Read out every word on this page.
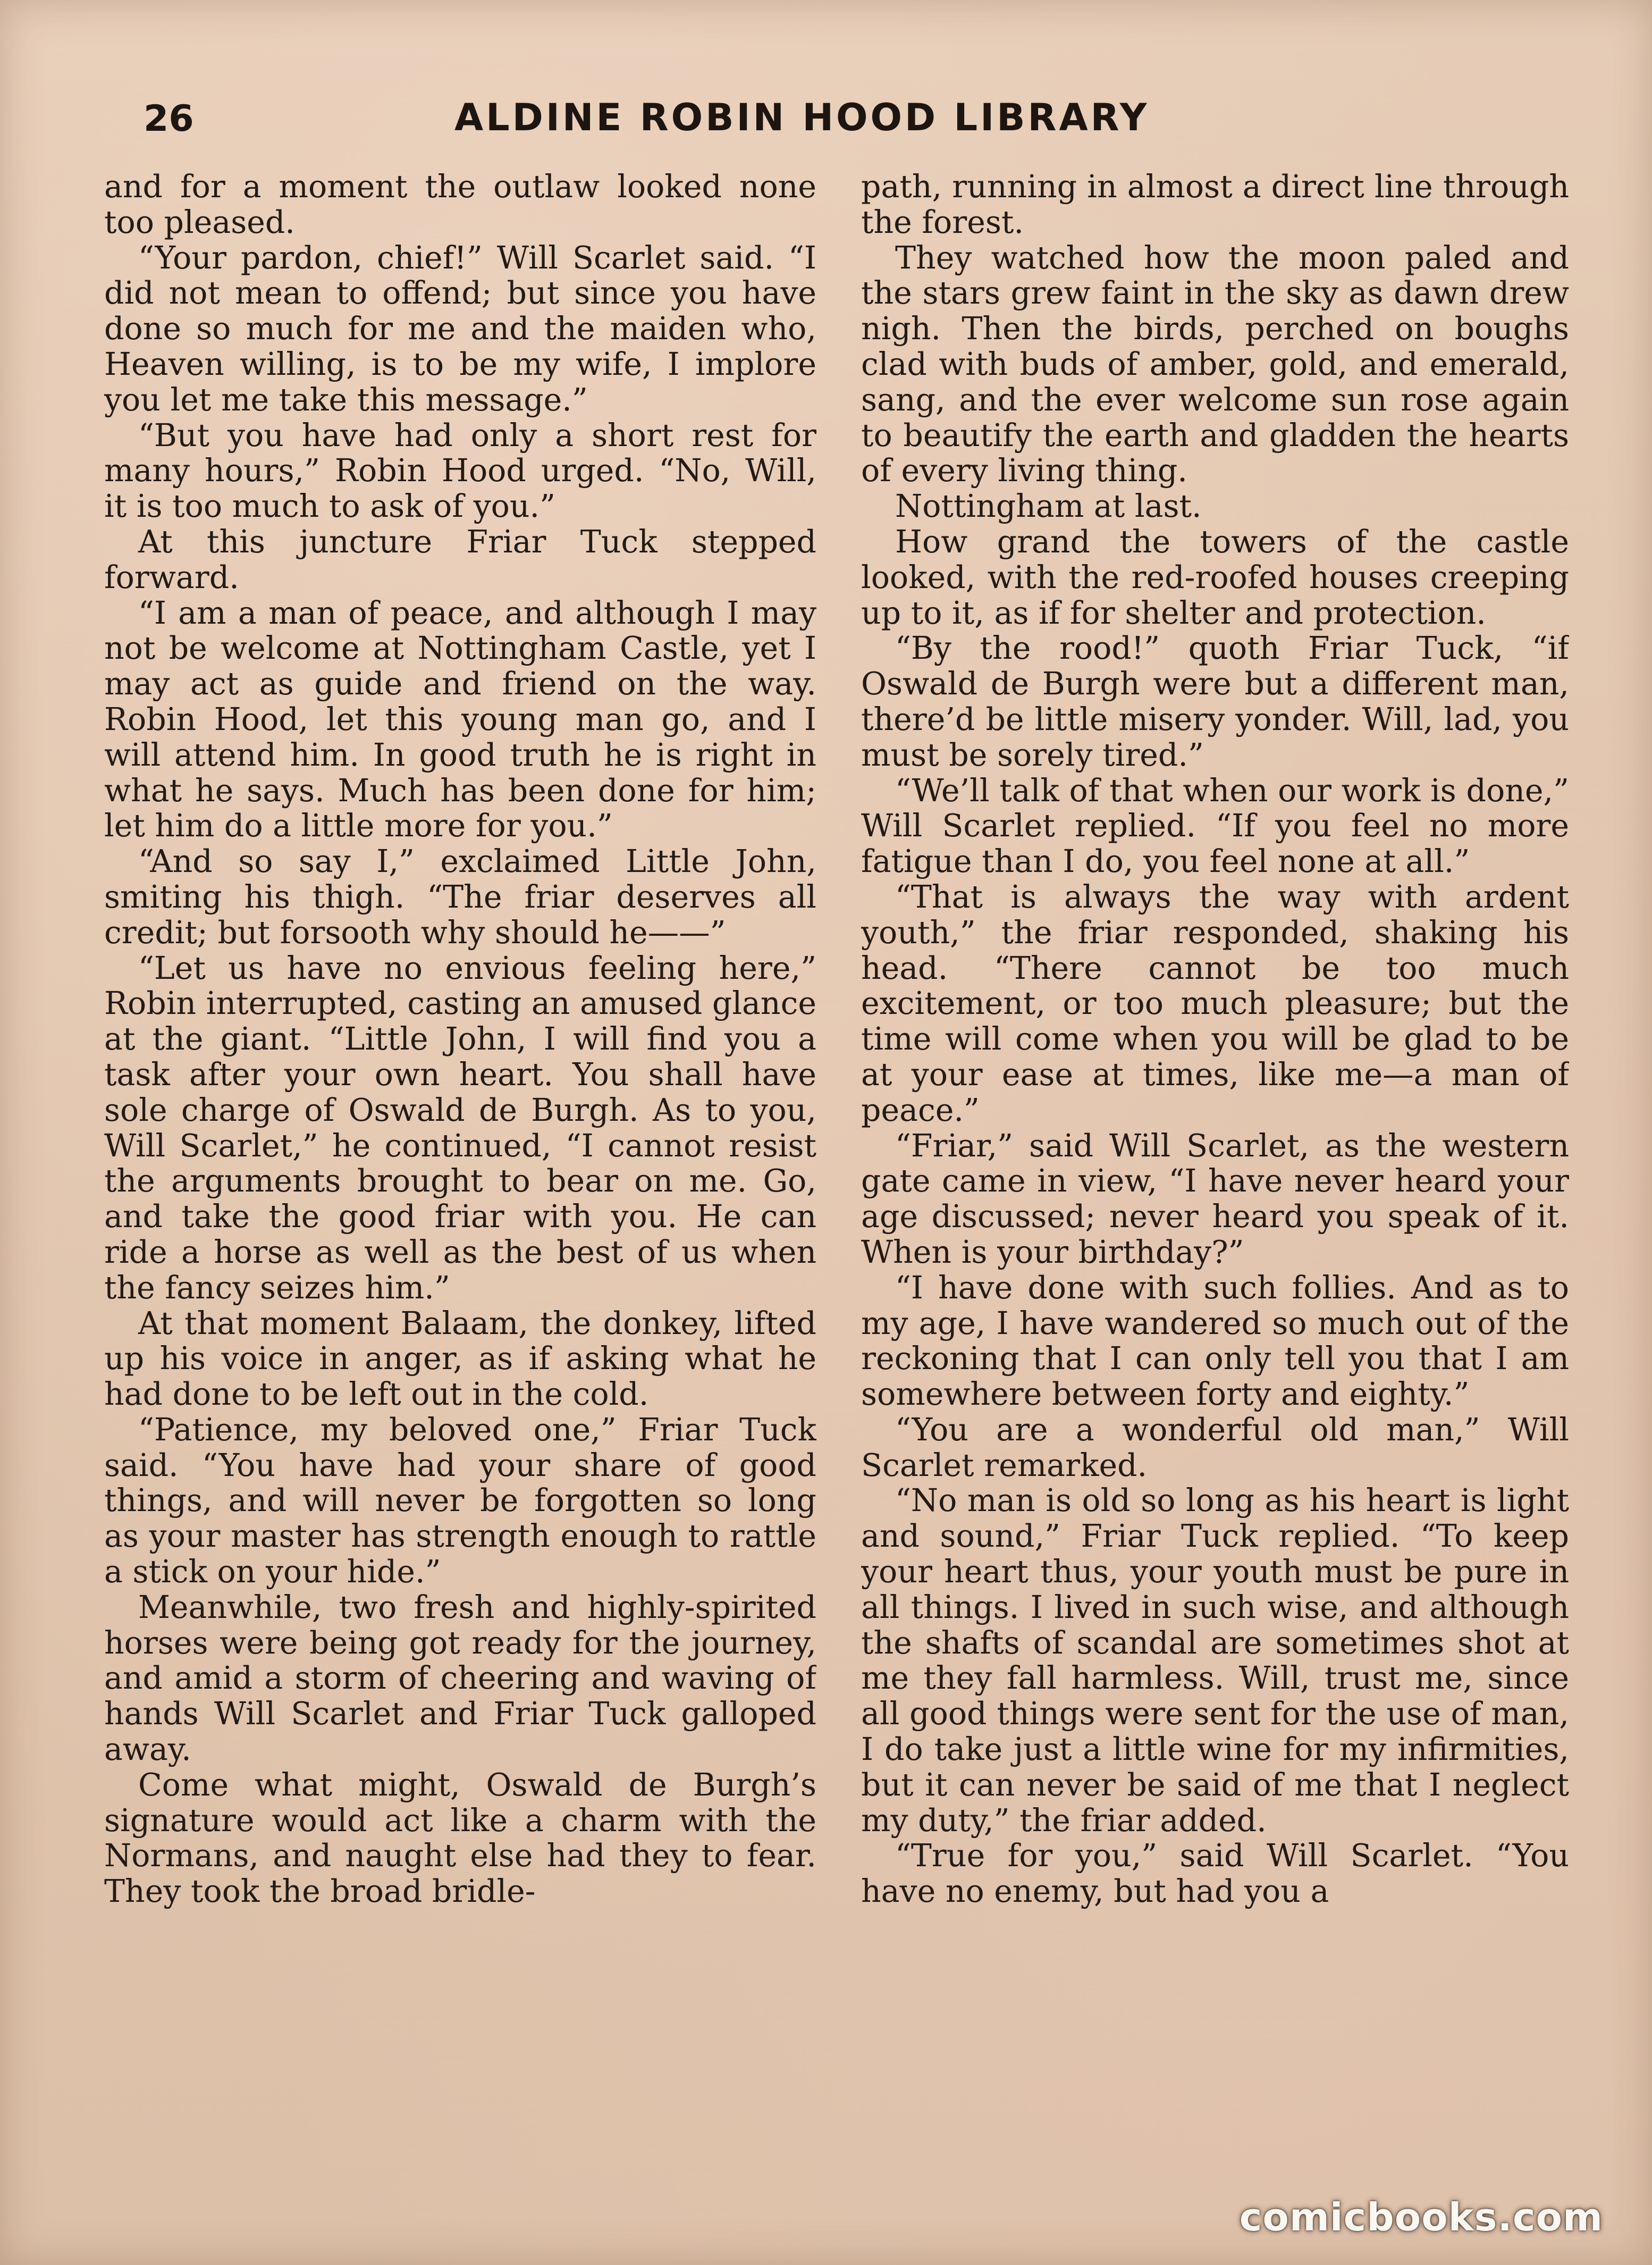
26	ALDINE ROBIN HOOD LIBRARY

and for a moment the outlaw looked none too pleased.

“Your pardon, chief!” Will Scarlet said. “I did not mean to offend; but since you have done so much for me and the maiden who, Heaven willing, is to be my wife, I implore you let me take this message.”

“But you have had only a short rest for many hours,” Robin Hood urged. “No, Will, it is too much to ask of you.”

At this juncture Friar Tuck stepped forward.

“I am a man of peace, and although I may not be welcome at Nottingham Castle, yet I may act as guide and friend on the way. Robin Hood, let this young man go, and I will attend him. In good truth he is right in what he says. Much has been done for him; let him do a little more for you.”

“And so say I,” exclaimed Little John, smiting his thigh. “The friar deserves all credit; but forsooth why should he——”

“Let us have no envious feeling here,” Robin interrupted, casting an amused glance at the giant. “Little John, I will find you a task after your own heart. You shall have sole charge of Oswald de Burgh. As to you, Will Scarlet,” he continued, “I cannot resist the arguments brought to bear on me. Go, and take the good friar with you. He can ride a horse as well as the best of us when the fancy seizes him.”

At that moment Balaam, the donkey, lifted up his voice in anger, as if asking what he had done to be left out in the cold.

“Patience, my beloved one,” Friar Tuck said. “You have had your share of good things, and will never be forgotten so long as your master has strength enough to rattle a stick on your hide.”

Meanwhile, two fresh and highly-spirited horses were being got ready for the journey, and amid a storm of cheering and waving of hands Will Scarlet and Friar Tuck galloped away.

Come what might, Oswald de Burgh’s signature would act like a charm with the Normans, and naught else had they to fear. They took the broad bridle-

path, running in almost a direct line through the forest.

They watched how the moon paled and the stars grew faint in the sky as dawn drew nigh. Then the birds, perched on boughs clad with buds of amber, gold, and emerald, sang, and the ever welcome sun rose again to beautify the earth and gladden the hearts of every living thing.

Nottingham at last.

How grand the towers of the castle looked, with the red-roofed houses creeping up to it, as if for shelter and protection.

“By the rood!” quoth Friar Tuck, “if Oswald de Burgh were but a different man, there’d be little misery yonder. Will, lad, you must be sorely tired.”

“We’ll talk of that when our work is done,” Will Scarlet replied. “If you feel no more fatigue than I do, you feel none at all.”

“That is always the way with ardent youth,” the friar responded, shaking his head. “There cannot be too much excitement, or too much pleasure; but the time will come when you will be glad to be at your ease at times, like me—a man of peace.”

“Friar,” said Will Scarlet, as the western gate came in view, “I have never heard your age discussed; never heard you speak of it. When is your birthday?”

“I have done with such follies. And as to my age, I have wandered so much out of the reckoning that I can only tell you that I am somewhere between forty and eighty.”

“You are a wonderful old man,” Will Scarlet remarked.

“No man is old so long as his heart is light and sound,” Friar Tuck replied. “To keep your heart thus, your youth must be pure in all things. I lived in such wise, and although the shafts of scandal are sometimes shot at me they fall harmless. Will, trust me, since all good things were sent for the use of man, I do take just a little wine for my infirmities, but it can never be said of me that I neglect my duty,” the friar added.

“True for you,” said Will Scarlet. “You have no enemy, but had you a

comicbooks.com
